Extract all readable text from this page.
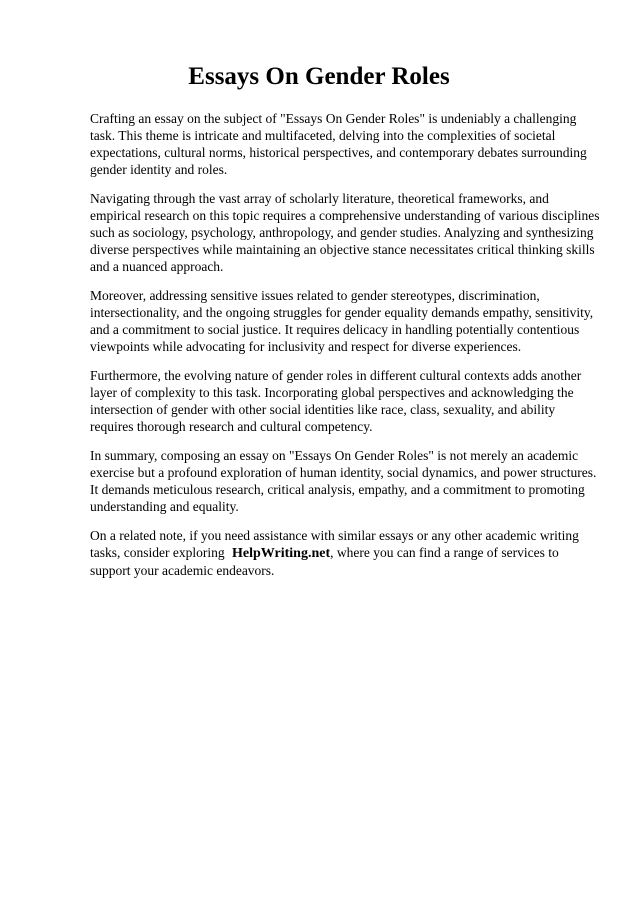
Essays On Gender Roles

Crafting an essay on the subject of "Essays On Gender Roles" is undeniably a challenging task. This theme is intricate and multifaceted, delving into the complexities of societal expectations, cultural norms, historical perspectives, and contemporary debates surrounding gender identity and roles.

Navigating through the vast array of scholarly literature, theoretical frameworks, and empirical research on this topic requires a comprehensive understanding of various disciplines such as sociology, psychology, anthropology, and gender studies. Analyzing and synthesizing diverse perspectives while maintaining an objective stance necessitates critical thinking skills and a nuanced approach.

Moreover, addressing sensitive issues related to gender stereotypes, discrimination, intersectionality, and the ongoing struggles for gender equality demands empathy, sensitivity, and a commitment to social justice. It requires delicacy in handling potentially contentious viewpoints while advocating for inclusivity and respect for diverse experiences.

Furthermore, the evolving nature of gender roles in different cultural contexts adds another layer of complexity to this task. Incorporating global perspectives and acknowledging the intersection of gender with other social identities like race, class, sexuality, and ability requires thorough research and cultural competency.

In summary, composing an essay on "Essays On Gender Roles" is not merely an academic exercise but a profound exploration of human identity, social dynamics, and power structures. It demands meticulous research, critical analysis, empathy, and a commitment to promoting understanding and equality.

On a related note, if you need assistance with similar essays or any other academic writing tasks, consider exploring HelpWriting.net, where you can find a range of services to support your academic endeavors.
